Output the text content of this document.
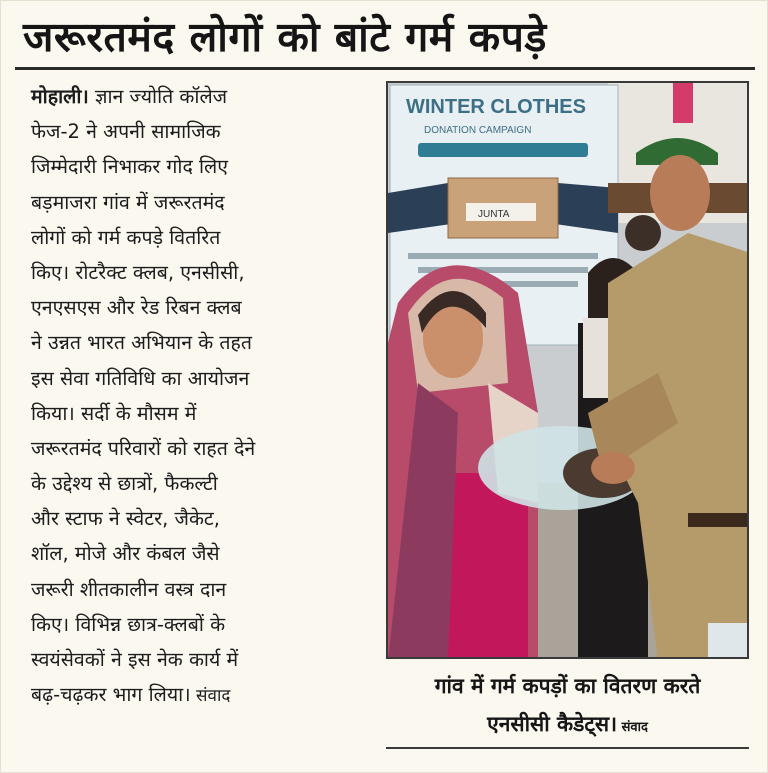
जरूरतमंद लोगों को बांटे गर्म कपड़े
मोहाली। ज्ञान ज्योति कॉलेज
फेज-2 ने अपनी सामाजिक
जिम्मेदारी निभाकर गोद लिए
बड़माजरा गांव में जरूरतमंद
लोगों को गर्म कपड़े वितरित
किए। रोटरैक्ट क्लब, एनसीसी,
एनएसएस और रेड रिबन क्लब
ने उन्नत भारत अभियान के तहत
इस सेवा गतिविधि का आयोजन
किया। सर्दी के मौसम में
जरूरतमंद परिवारों को राहत देने
के उद्देश्य से छात्रों, फैकल्टी
और स्टाफ ने स्वेटर, जैकेट,
शॉल, मोजे और कंबल जैसे
जरूरी शीतकालीन वस्त्र दान
किए। विभिन्न छात्र-क्लबों के
स्वयंसेवकों ने इस नेक कार्य में
बढ़-चढ़कर भाग लिया। संवाद
WINTER CLOTHES
DONATION CAMPAIGN
JUNTA
गांव में गर्म कपड़ों का वितरण करते
एनसीसी कैडेट्स। संवाद
